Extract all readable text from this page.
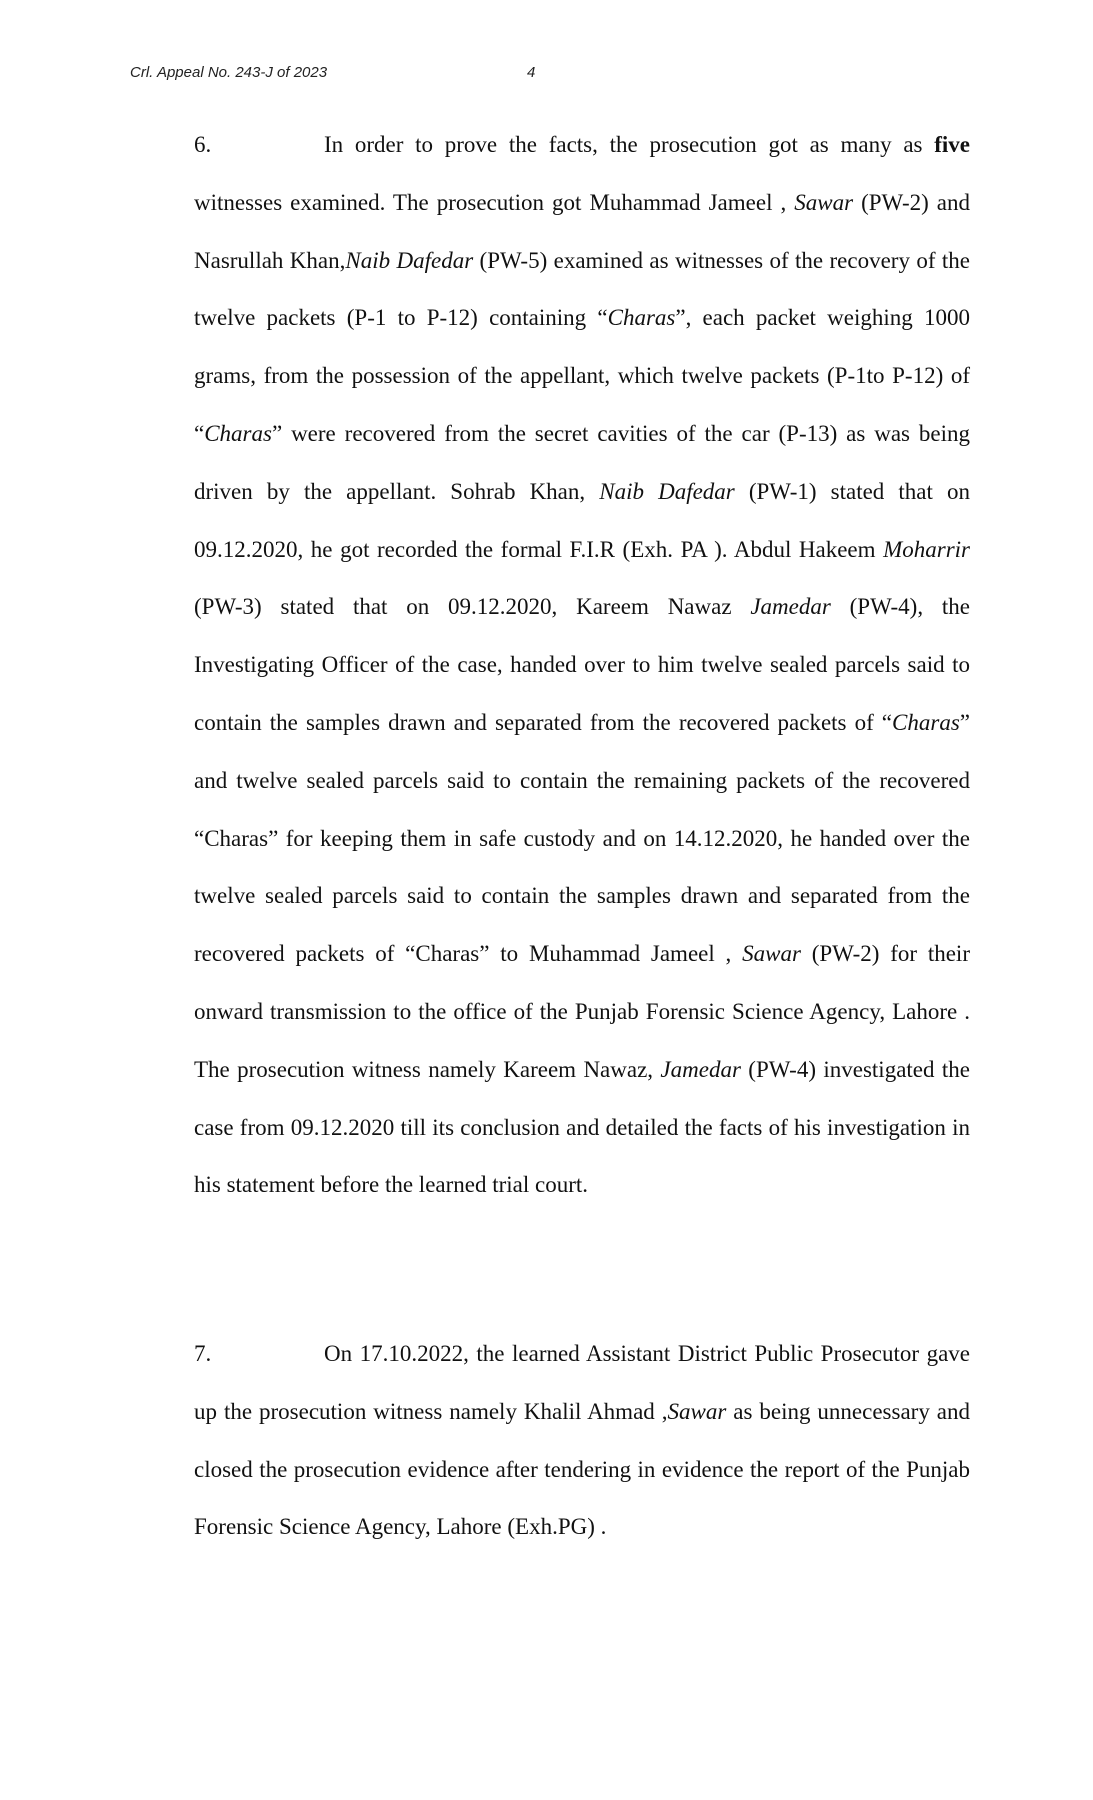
Crl. Appeal No. 243-J of 2023	4

6.	In order to prove the facts, the prosecution got as many as five witnesses examined. The prosecution got Muhammad Jameel , Sawar (PW-2) and Nasrullah Khan,Naib Dafedar (PW-5) examined as witnesses of the recovery of the twelve packets (P-1 to P-12) containing “Charas”, each packet weighing 1000 grams, from the possession of the appellant, which twelve packets (P-1to P-12) of “Charas” were recovered from the secret cavities of the car (P-13) as was being driven by the appellant. Sohrab Khan, Naib Dafedar (PW-1) stated that on 09.12.2020, he got recorded the formal F.I.R (Exh. PA ). Abdul Hakeem Moharrir (PW-3) stated that on 09.12.2020, Kareem Nawaz Jamedar (PW-4), the Investigating Officer of the case, handed over to him twelve sealed parcels said to contain the samples drawn and separated from the recovered packets of “Charas” and twelve sealed parcels said to contain the remaining packets of the recovered “Charas” for keeping them in safe custody and on 14.12.2020, he handed over the twelve sealed parcels said to contain the samples drawn and separated from the recovered packets of “Charas” to Muhammad Jameel , Sawar (PW-2) for their onward transmission to the office of the Punjab Forensic Science Agency, Lahore . The prosecution witness namely Kareem Nawaz, Jamedar (PW-4) investigated the case from 09.12.2020 till its conclusion and detailed the facts of his investigation in his statement before the learned trial court.

7.	On 17.10.2022, the learned Assistant District Public Prosecutor gave up the prosecution witness namely Khalil Ahmad ,Sawar as being unnecessary and closed the prosecution evidence after tendering in evidence the report of the Punjab Forensic Science Agency, Lahore (Exh.PG) .
